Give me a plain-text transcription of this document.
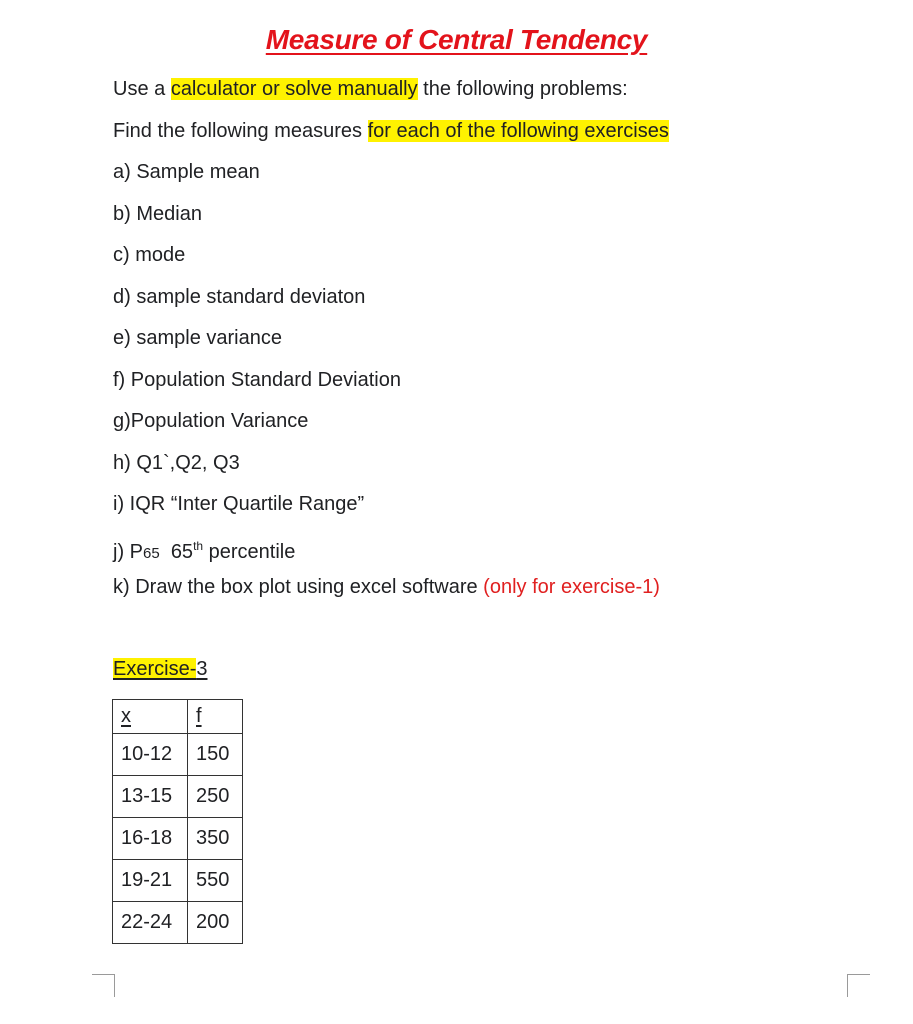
Measure of Central Tendency
Use a calculator or solve manually the following problems:
Find the following measures for each of the following exercises
a) Sample mean
b) Median
c) mode
d) sample standard deviaton
e) sample variance
f) Population Standard Deviation
g)Population Variance
h) Q1`,Q2, Q3
i) IQR “Inter Quartile Range”
j) P65 65th percentile
k) Draw the box plot using excel software (only for exercise-1)
Exercise-3
x	f
10-12	150
13-15	250
16-18	350
19-21	550
22-24	200
